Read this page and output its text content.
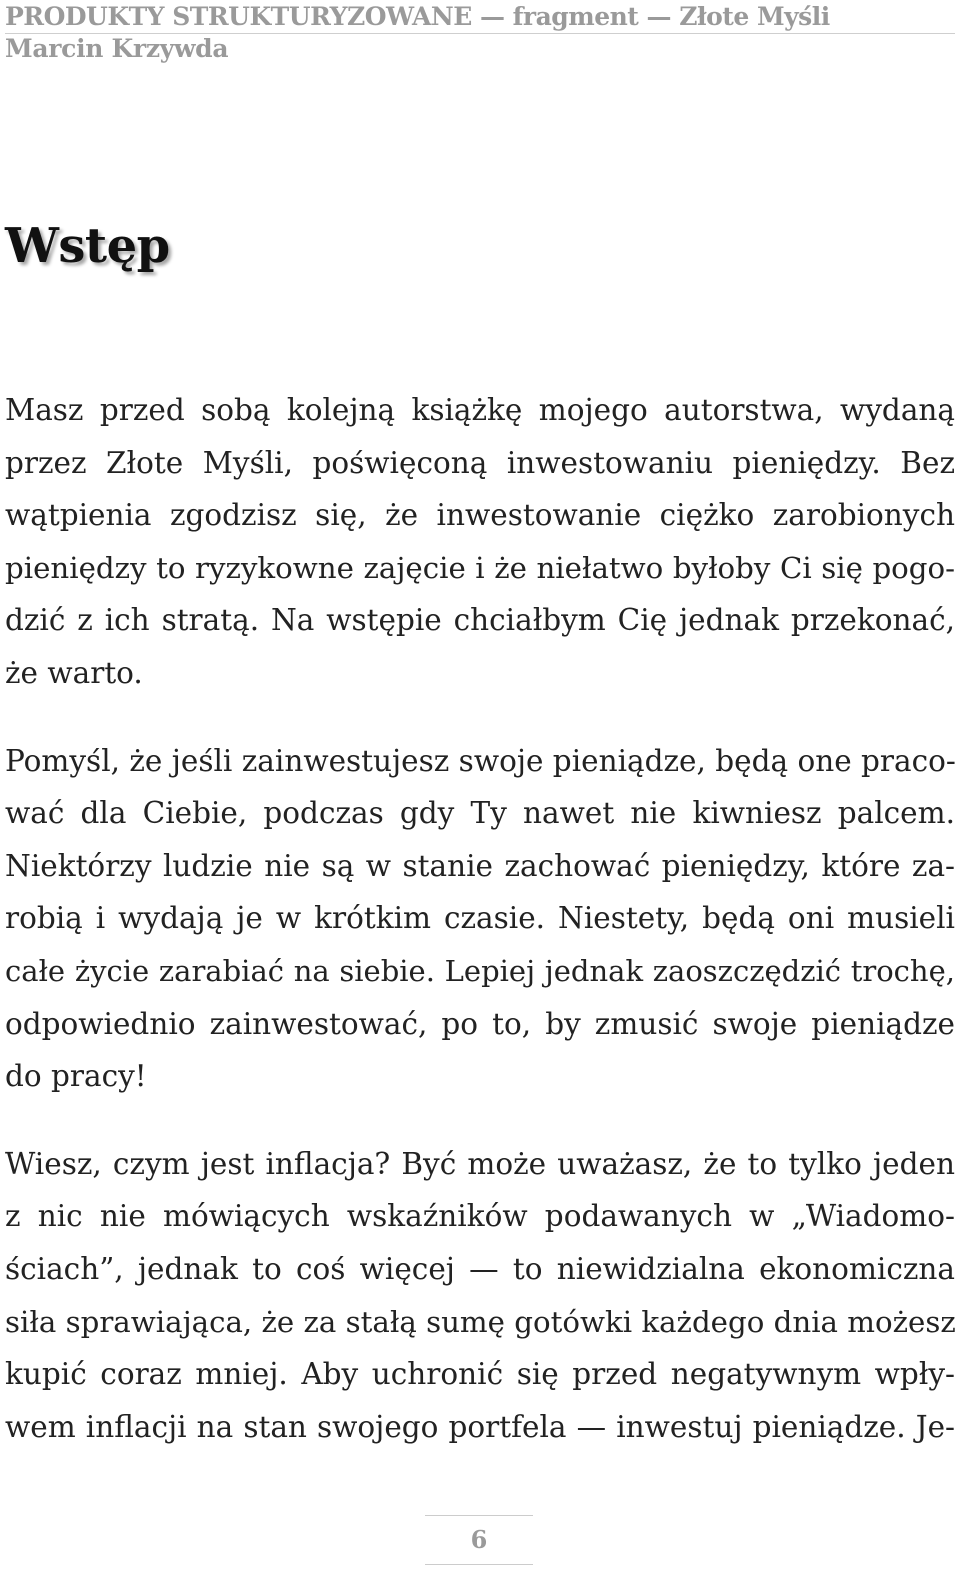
PRODUKTY STRUKTURYZOWANE — fragment — Złote Myśli
Marcin Krzywda
Wstęp
Masz przed sobą kolejną książkę mojego autorstwa, wydaną
przez Złote Myśli, poświęconą inwestowaniu pieniędzy. Bez
wątpienia zgodzisz się, że inwestowanie ciężko zarobionych
pieniędzy to ryzykowne zajęcie i że niełatwo byłoby Ci się pogo-
dzić z ich stratą. Na wstępie chciałbym Cię jednak przekonać,
że warto.
Pomyśl, że jeśli zainwestujesz swoje pieniądze, będą one praco-
wać dla Ciebie, podczas gdy Ty nawet nie kiwniesz palcem.
Niektórzy ludzie nie są w stanie zachować pieniędzy, które za-
robią i wydają je w krótkim czasie. Niestety, będą oni musieli
całe życie zarabiać na siebie. Lepiej jednak zaoszczędzić trochę,
odpowiednio zainwestować, po to, by zmusić swoje pieniądze
do pracy!
Wiesz, czym jest inflacja? Być może uważasz, że to tylko jeden
z nic nie mówiących wskaźników podawanych w „Wiadomo-
ściach”, jednak to coś więcej — to niewidzialna ekonomiczna
siła sprawiająca, że za stałą sumę gotówki każdego dnia możesz
kupić coraz mniej. Aby uchronić się przed negatywnym wpły-
wem inflacji na stan swojego portfela — inwestuj pieniądze. Je-
6
